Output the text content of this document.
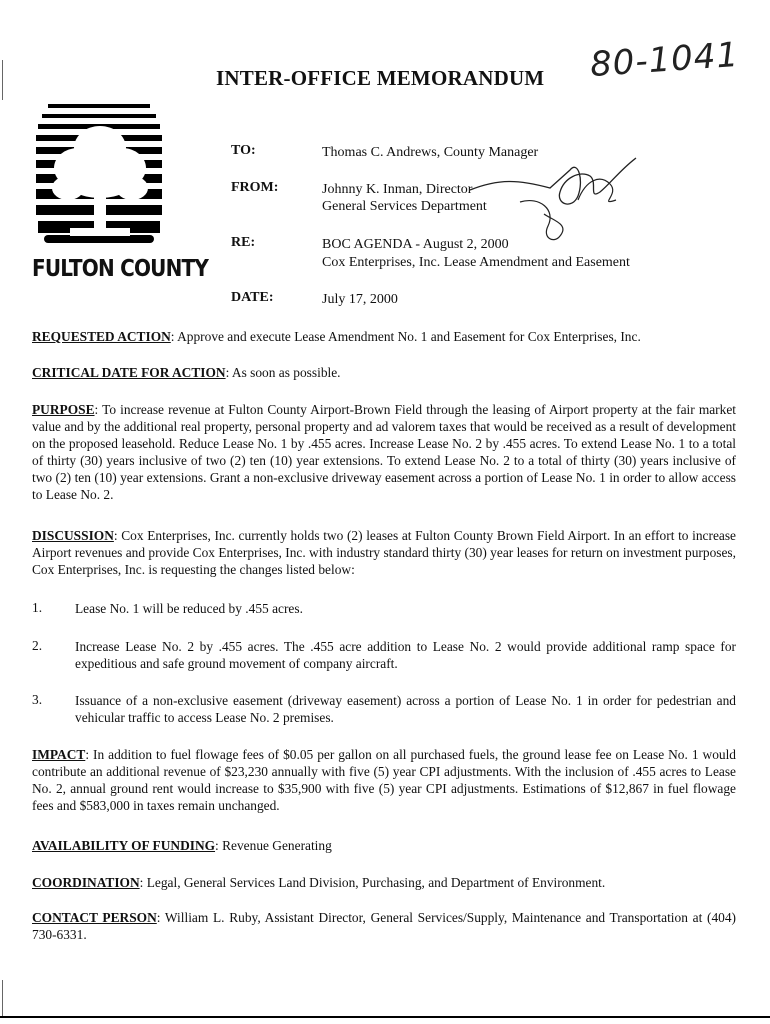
80-1041
INTER-OFFICE MEMORANDUM
FULTON COUNTY
TO:	Thomas C. Andrews, County Manager
FROM:	Johnny K. Inman, Director
General Services Department
RE:	BOC AGENDA - August 2, 2000
Cox Enterprises, Inc. Lease Amendment and Easement
DATE:	July 17, 2000
REQUESTED ACTION: Approve and execute Lease Amendment No. 1 and Easement for Cox Enterprises, Inc.
CRITICAL DATE FOR ACTION: As soon as possible.
PURPOSE: To increase revenue at Fulton County Airport-Brown Field through the leasing of Airport property at the fair market value and by the additional real property, personal property and ad valorem taxes that would be received as a result of development on the proposed leasehold. Reduce Lease No. 1 by .455 acres. Increase Lease No. 2 by .455 acres. To extend Lease No. 1 to a total of thirty (30) years inclusive of two (2) ten (10) year extensions. To extend Lease No. 2 to a total of thirty (30) years inclusive of two (2) ten (10) year extensions. Grant a non-exclusive driveway easement across a portion of Lease No. 1 in order to allow access to Lease No. 2.
DISCUSSION: Cox Enterprises, Inc. currently holds two (2) leases at Fulton County Brown Field Airport. In an effort to increase Airport revenues and provide Cox Enterprises, Inc. with industry standard thirty (30) year leases for return on investment purposes, Cox Enterprises, Inc. is requesting the changes listed below:
1. Lease No. 1 will be reduced by .455 acres.
2. Increase Lease No. 2 by .455 acres. The .455 acre addition to Lease No. 2 would provide additional ramp space for expeditious and safe ground movement of company aircraft.
3. Issuance of a non-exclusive easement (driveway easement) across a portion of Lease No. 1 in order for pedestrian and vehicular traffic to access Lease No. 2 premises.
IMPACT: In addition to fuel flowage fees of $0.05 per gallon on all purchased fuels, the ground lease fee on Lease No. 1 would contribute an additional revenue of $23,230 annually with five (5) year CPI adjustments. With the inclusion of .455 acres to Lease No. 2, annual ground rent would increase to $35,900 with five (5) year CPI adjustments. Estimations of $12,867 in fuel flowage fees and $583,000 in taxes remain unchanged.
AVAILABILITY OF FUNDING: Revenue Generating
COORDINATION: Legal, General Services Land Division, Purchasing, and Department of Environment.
CONTACT PERSON: William L. Ruby, Assistant Director, General Services/Supply, Maintenance and Transportation at (404) 730-6331.
